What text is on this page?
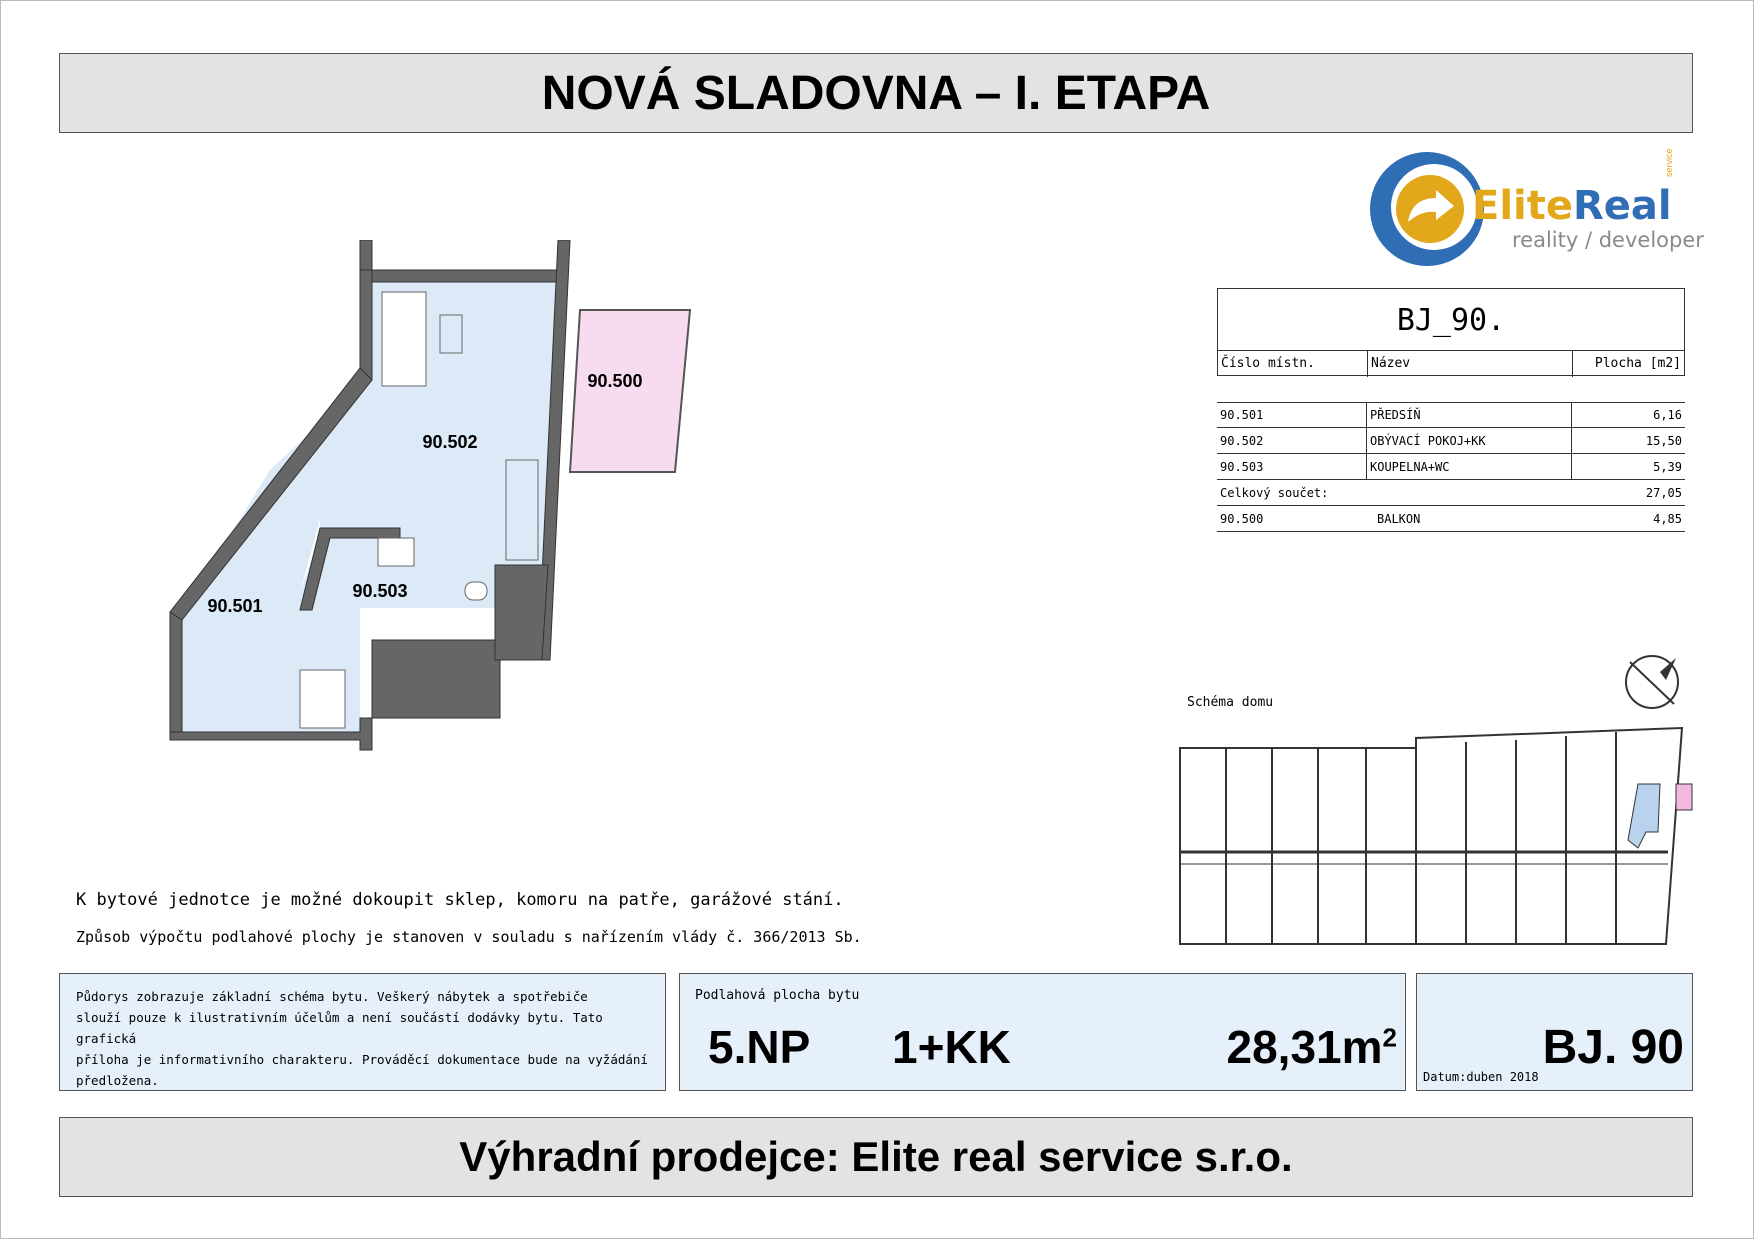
NOVÁ SLADOVNA – I. ETAPA
EliteReal
service
reality / developer
BJ_90.
Číslo místn.	Název	Plocha [m2]
90.501	PŘEDSÍŇ	6,16
90.502	OBÝVACÍ POKOJ+KK	15,50
90.503	KOUPELNA+WC	5,39
Celkový součet:	27,05
90.500	BALKON	4,85
90.500
90.502
90.501
90.503
Schéma domu
K bytové jednotce je možné dokoupit sklep, komoru na patře, garážové stání.
Způsob výpočtu podlahové plochy je stanoven v souladu s nařízením vlády č. 366/2013 Sb.
Půdorys zobrazuje základní schéma bytu. Veškerý nábytek a spotřebiče
slouží pouze k ilustrativním účelům a není součástí dodávky bytu. Tato grafická
příloha je informativního charakteru. Prováděcí dokumentace bude na vyžádání
předložena.
Podlahová plocha bytu
5.NP 1+KK	$28,31m^2$	BJ. 90
Datum:duben 2018
Výhradní prodejce: Elite real service s.r.o.
